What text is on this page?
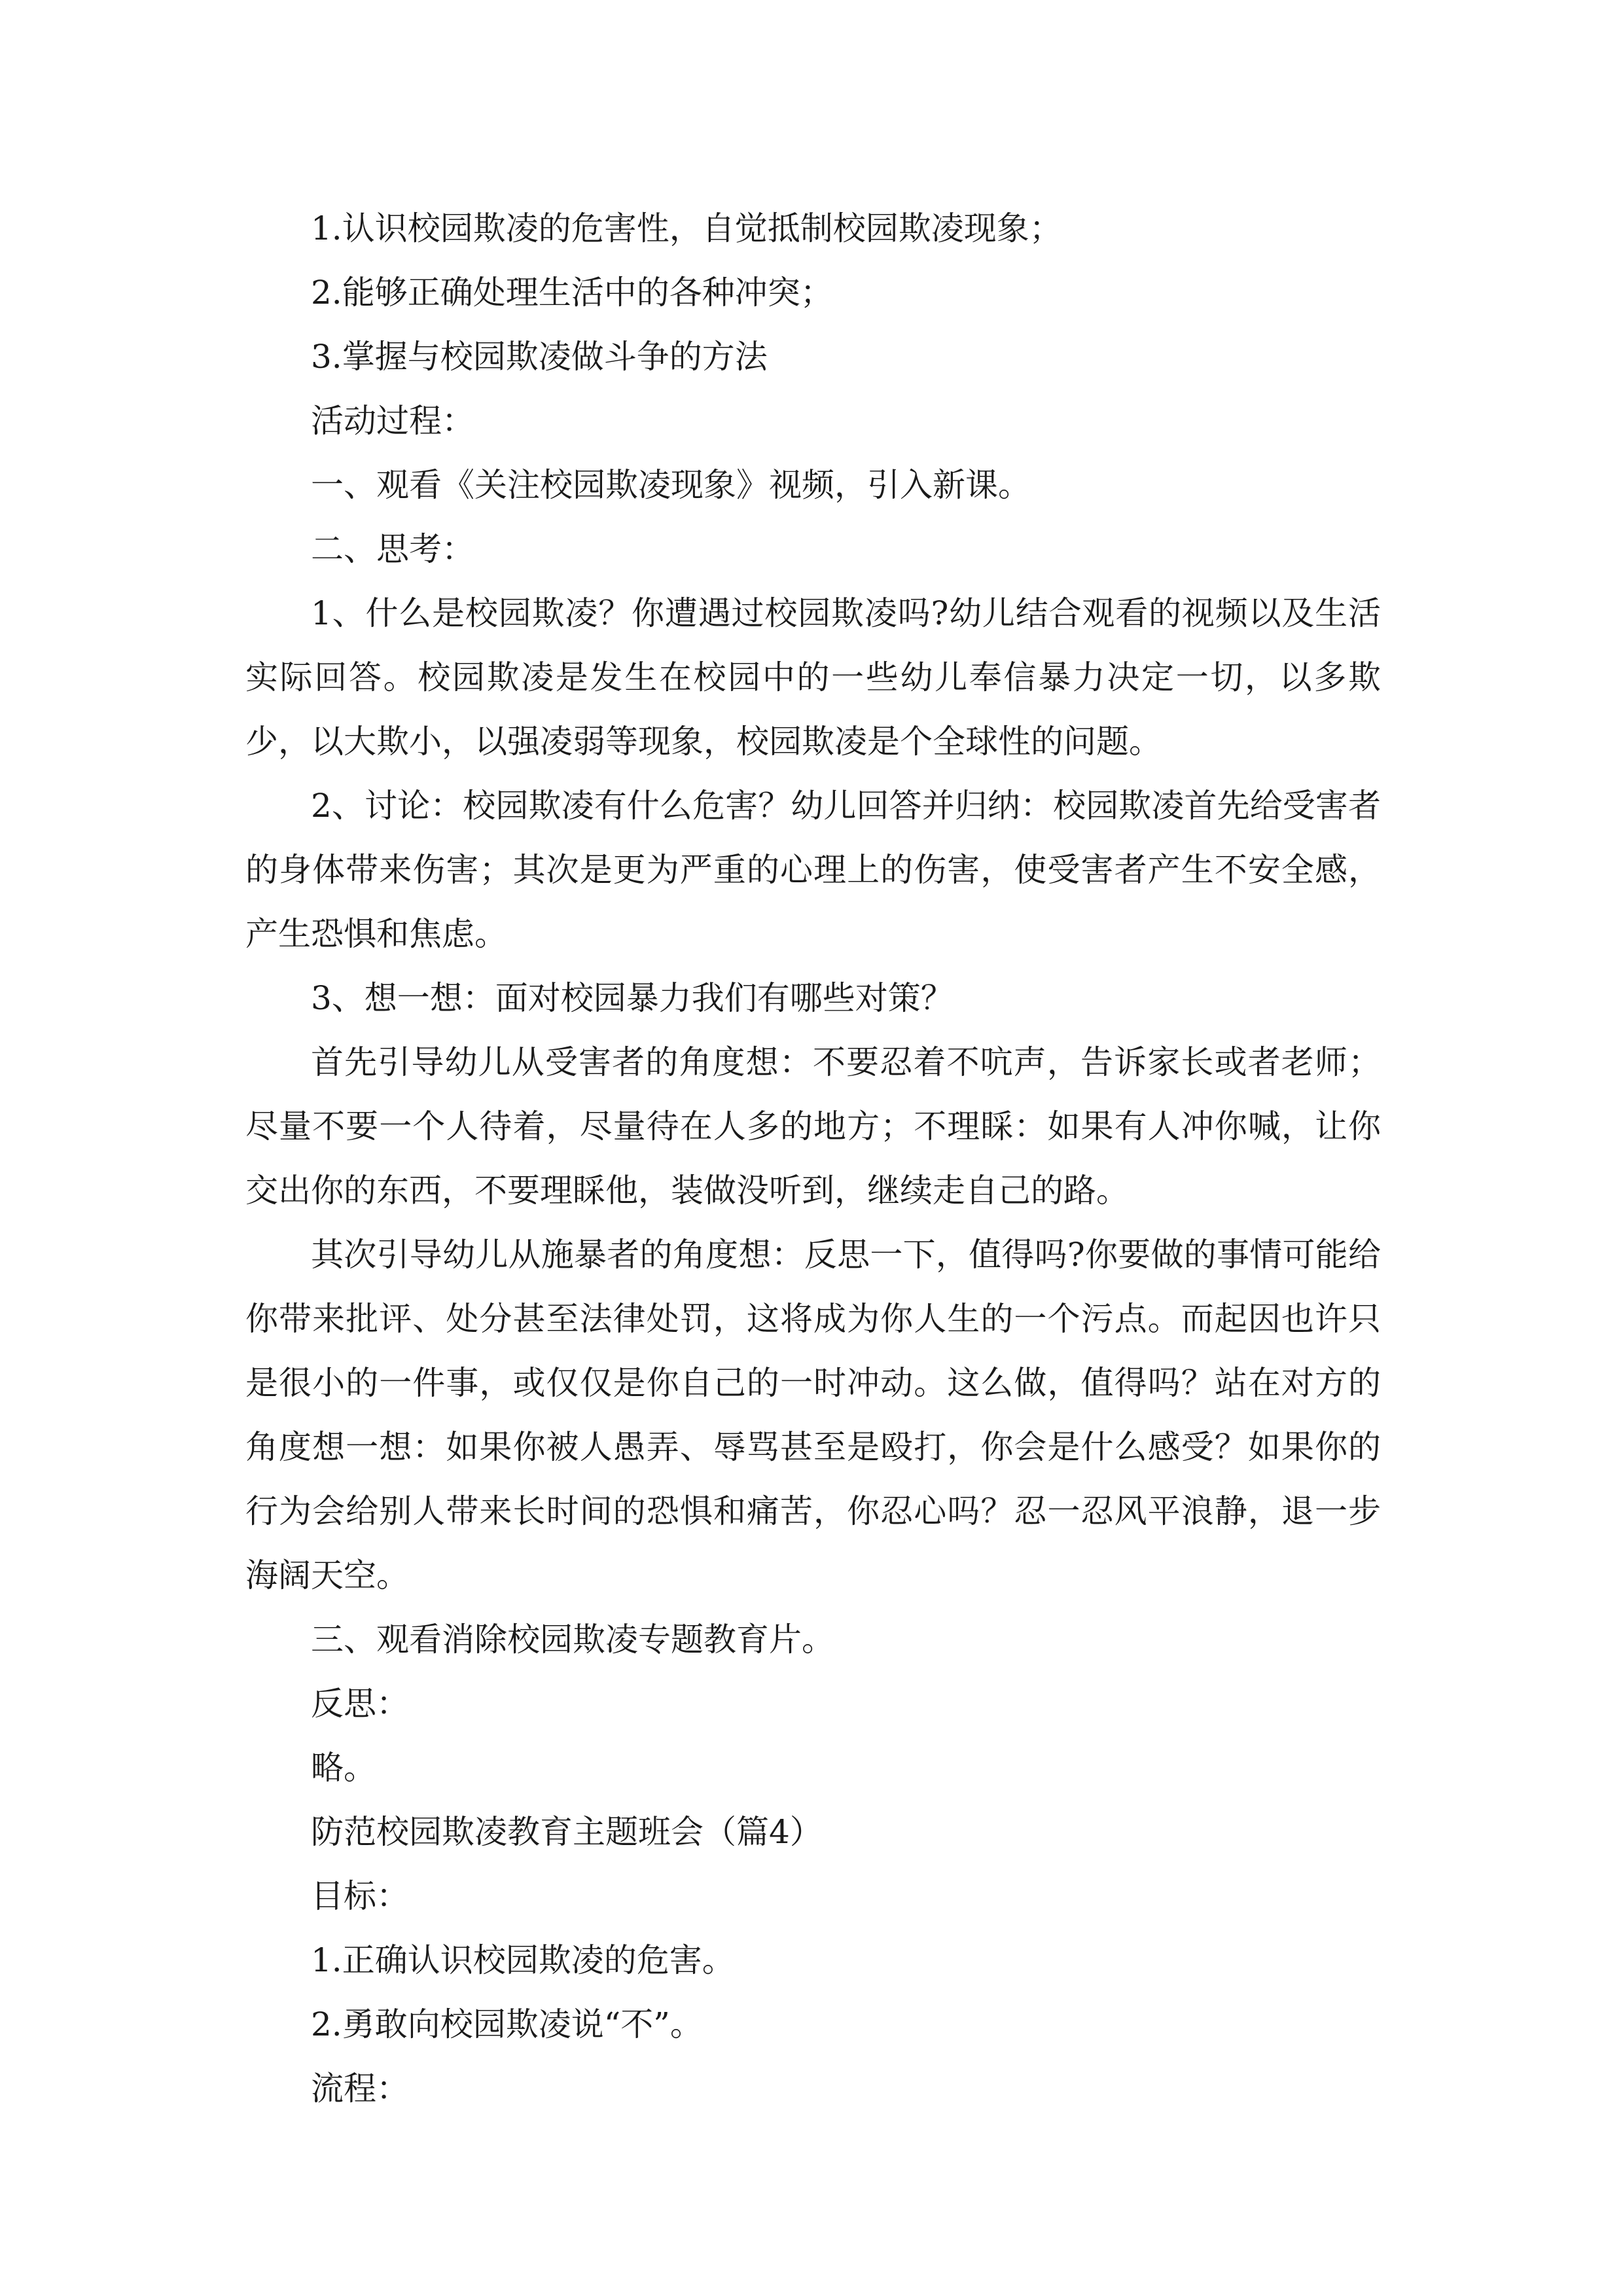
1.认识校园欺凌的危害性，自觉抵制校园欺凌现象；

2.能够正确处理生活中的各种冲突；

3.掌握与校园欺凌做斗争的方法

活动过程：

一、观看《关注校园欺凌现象》视频，引入新课。

二、思考：

1、什么是校园欺凌？你遭遇过校园欺凌吗?幼儿结合观看的视频以及生活实际回答。校园欺凌是发生在校园中的一些幼儿奉信暴力决定一切，以多欺少，以大欺小，以强凌弱等现象，校园欺凌是个全球性的问题。

2、讨论：校园欺凌有什么危害？幼儿回答并归纳：校园欺凌首先给受害者的身体带来伤害；其次是更为严重的心理上的伤害，使受害者产生不安全感，产生恐惧和焦虑。

3、想一想：面对校园暴力我们有哪些对策？

首先引导幼儿从受害者的角度想：不要忍着不吭声，告诉家长或者老师；尽量不要一个人待着，尽量待在人多的地方；不理睬：如果有人冲你喊，让你交出你的东西，不要理睬他，装做没听到，继续走自己的路。

其次引导幼儿从施暴者的角度想：反思一下，值得吗?你要做的事情可能给你带来批评、处分甚至法律处罚，这将成为你人生的一个污点。而起因也许只是很小的一件事，或仅仅是你自己的一时冲动。这么做，值得吗？站在对方的角度想一想：如果你被人愚弄、辱骂甚至是殴打，你会是什么感受？如果你的行为会给别人带来长时间的恐惧和痛苦，你忍心吗？忍一忍风平浪静，退一步海阔天空。

三、观看消除校园欺凌专题教育片。

反思：

略。

防范校园欺凌教育主题班会（篇4）

目标：

1.正确认识校园欺凌的危害。

2.勇敢向校园欺凌说“不”。

流程：
